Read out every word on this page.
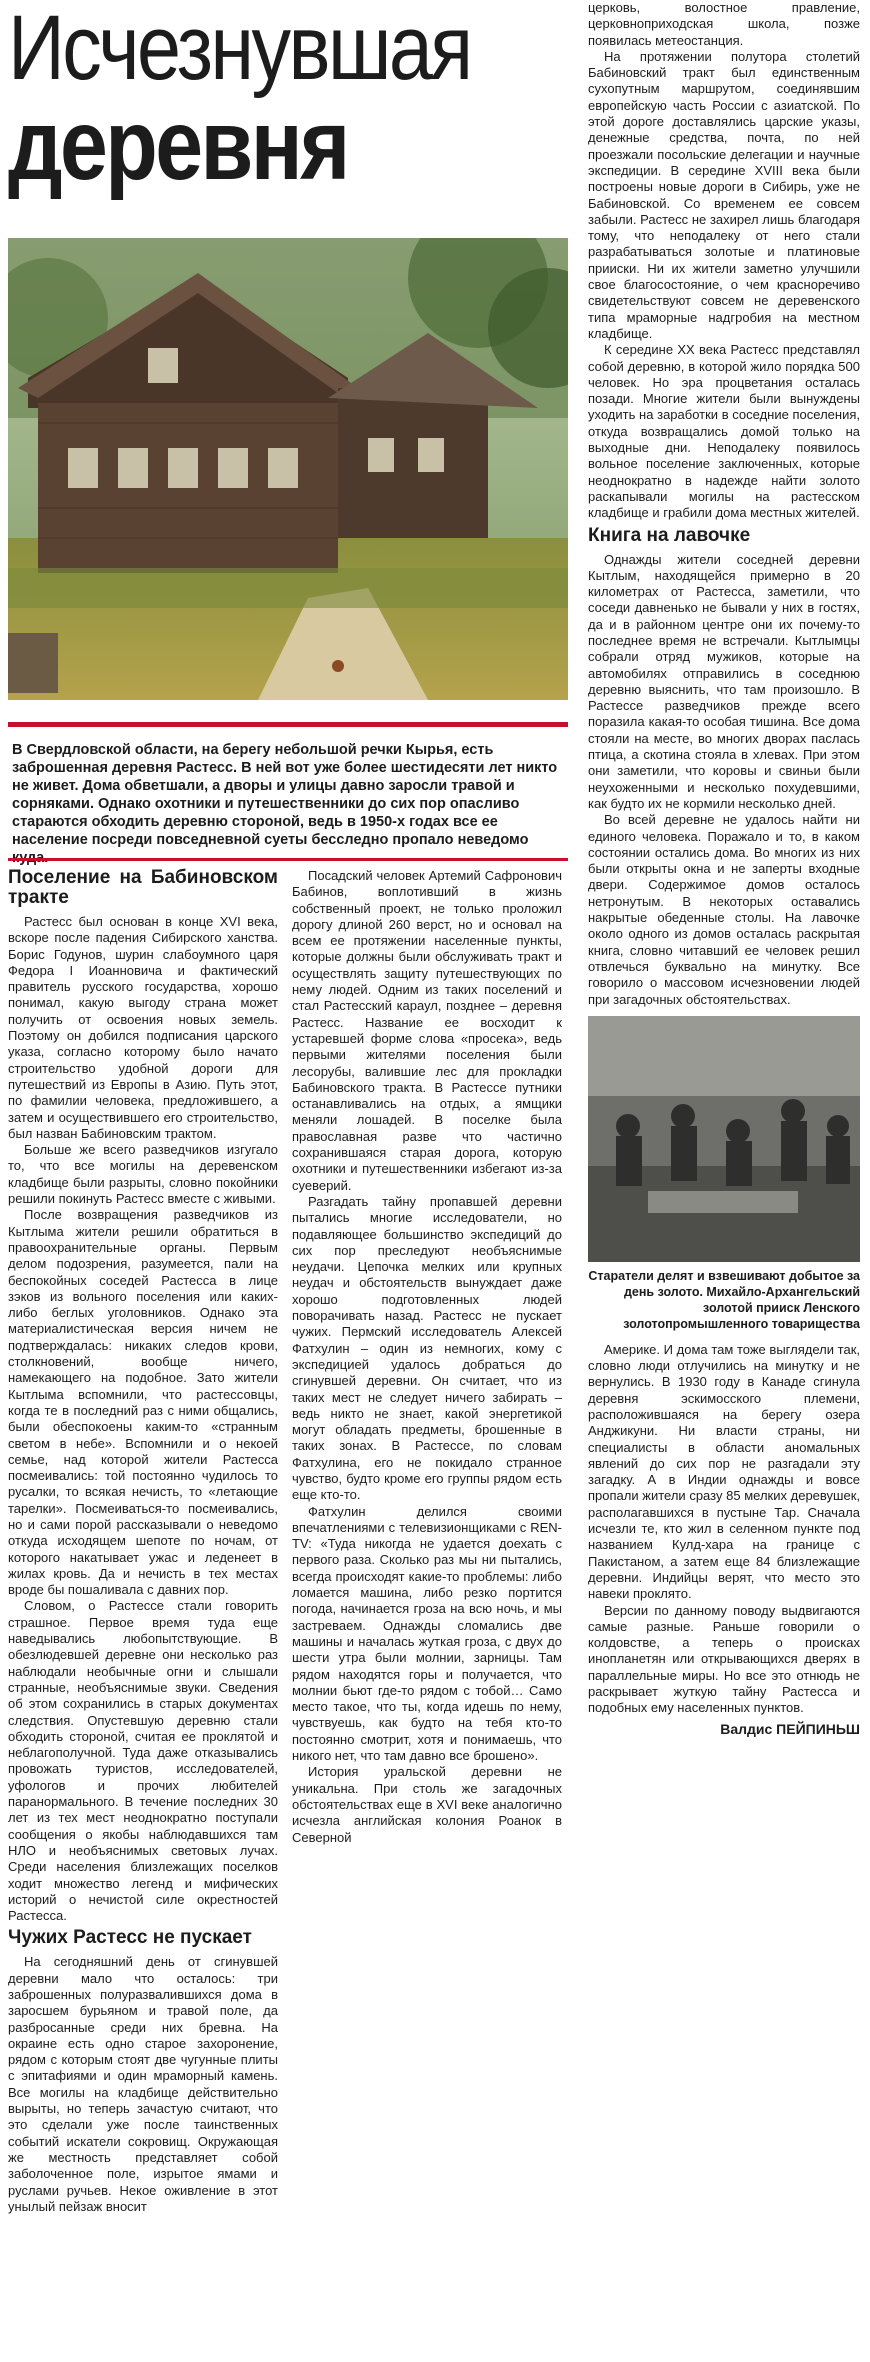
Исчезнувшая
деревня

В Свердловской области, на берегу небольшой речки Кырья, есть заброшенная деревня Растесс. В ней вот уже более шестидесяти лет никто не живет. Дома обветшали, а дворы и улицы давно заросли травой и сорняками. Однако охотники и путешественники до сих пор опасливо стараются обходить деревню стороной, ведь в 1950-х годах все ее население посреди повседневной суеты бесследно пропало неведомо куда.

Поселение на Бабиновском тракте

Растесс был основан в конце XVI века, вскоре после падения Сибирского ханства. Борис Годунов, шурин слабоумного царя Федора I Иоанновича и фактический правитель русского государства, хорошо понимал, какую выгоду страна может получить от освоения новых земель. Поэтому он добился подписания царского указа, согласно которому было начато строительство удобной дороги для путешествий из Европы в Азию. Путь этот, по фамилии человека, предложившего, а затем и осуществившего его строительство, был назван Бабиновским трактом.

Больше же всего разведчиков изгугало то, что все могилы на деревенском кладбище были разрыты, словно покойники решили покинуть Растесс вместе с живыми.

После возвращения разведчиков из Кытлыма жители решили обратиться в правоохранительные органы. Первым делом подозрения, разумеется, пали на беспокойных соседей Растесса в лице зэков из вольного поселения или каких-либо беглых уголовников. Однако эта материалистическая версия ничем не подтверждалась: никаких следов крови, столкновений, вообще ничего, намекающего на подобное. Зато жители Кытлыма вспомнили, что растессовцы, когда те в последний раз с ними общались, были обеспокоены каким-то «странным светом в небе». Вспомнили и о некоей семье, над которой жители Растесса посмеивались: той постоянно чудилось то русалки, то всякая нечисть, то «летающие тарелки». Посмеиваться-то посмеивались, но и сами порой рассказывали о неведомо откуда исходящем шепоте по ночам, от которого накатывает ужас и леденеет в жилах кровь. Да и нечисть в тех местах вроде бы пошаливала с давних пор.

Словом, о Растессе стали говорить страшное. Первое время туда еще наведывались любопытствующие. В обезлюдевшей деревне они несколько раз наблюдали необычные огни и слышали странные, необъяснимые звуки. Сведения об этом сохранились в старых документах следствия. Опустевшую деревню стали обходить стороной, считая ее проклятой и неблагополучной. Туда даже отказывались провожать туристов, исследователей, уфологов и прочих любителей паранормального. В течение последних 30 лет из тех мест неоднократно поступали сообщения о якобы наблюдавшихся там НЛО и необъяснимых световых лучах. Среди населения близлежащих поселков ходит множество легенд и мифических историй о нечистой силе окрестностей Растесса.

Чужих Растесс не пускает

На сегодняшний день от сгинувшей деревни мало что осталось: три заброшенных полуразвалившихся дома в заросшем бурьяном и травой поле, да разбросанные среди них бревна. На окраине есть одно старое захоронение, рядом с которым стоят две чугунные плиты с эпитафиями и один мраморный камень. Все могилы на кладбище действительно вырыты, но теперь зачастую считают, что это сделали уже после таинственных событий искатели сокровищ. Окружающая же местность представляет собой заболоченное поле, изрытое ямами и руслами ручьев. Некое оживление в этот унылый пейзаж вносит

Посадский человек Артемий Сафронович Бабинов, воплотивший в жизнь собственный проект, не только проложил дорогу длиной 260 верст, но и основал на всем ее протяжении населенные пункты, которые должны были обслуживать тракт и осуществлять защиту путешествующих по нему людей. Одним из таких поселений и стал Растесский караул, позднее – деревня Растесс. Название ее восходит к устаревшей форме слова «просека», ведь первыми жителями поселения были лесорубы, валившие лес для прокладки Бабиновского тракта. В Растессе путники останавливались на отдых, а ямщики меняли лошадей. В поселке была православная разве что частично сохранившаяся старая дорога, которую охотники и путешественники избегают из-за суеверий.

Разгадать тайну пропавшей деревни пытались многие исследователи, но подавляющее большинство экспедиций до сих пор преследуют необъяснимые неудачи. Цепочка мелких или крупных неудач и обстоятельств вынуждает даже хорошо подготовленных людей поворачивать назад. Растесс не пускает чужих. Пермский исследователь Алексей Фатхулин – один из немногих, кому с экспедицией удалось добраться до сгинувшей деревни. Он считает, что из таких мест не следует ничего забирать – ведь никто не знает, какой энергетикой могут обладать предметы, брошенные в таких зонах. В Растессе, по словам Фатхулина, его не покидало странное чувство, будто кроме его группы рядом есть еще кто-то.

Фатхулин делился своими впечатлениями с телевизионщиками с REN-TV: «Туда никогда не удается доехать с первого раза. Сколько раз мы ни пытались, всегда происходят какие-то проблемы: либо ломается машина, либо резко портится погода, начинается гроза на всю ночь, и мы застреваем. Однажды сломались две машины и началась жуткая гроза, с двух до шести утра были молнии, зарницы. Там рядом находятся горы и получается, что молнии бьют где-то рядом с тобой… Само место такое, что ты, когда идешь по нему, чувствуешь, как будто на тебя кто-то постоянно смотрит, хотя и понимаешь, что никого нет, что там давно все брошено».

История уральской деревни не уникальна. При столь же загадочных обстоятельствах еще в XVI веке аналогично исчезла английская колония Роанок в Северной

церковь, волостное правление, церковноприходская школа, позже появилась метеостанция.

На протяжении полутора столетий Бабиновский тракт был единственным сухопутным маршрутом, соединявшим европейскую часть России с азиатской. По этой дороге доставлялись царские указы, денежные средства, почта, по ней проезжали посольские делегации и научные экспедиции. В середине XVIII века были построены новые дороги в Сибирь, уже не Бабиновской. Со временем ее совсем забыли. Растесс не захирел лишь благодаря тому, что неподалеку от него стали разрабатываться золотые и платиновые прииски. Ни их жители заметно улучшили свое благосостояние, о чем красноречиво свидетельствуют совсем не деревенского типа мраморные надгробия на местном кладбище.

К середине XX века Растесс представлял собой деревню, в которой жило порядка 500 человек. Но эра процветания осталась позади. Многие жители были вынуждены уходить на заработки в соседние поселения, откуда возвращались домой только на выходные дни. Неподалеку появилось вольное поселение заключенных, которые неоднократно в надежде найти золото раскапывали могилы на растесском кладбище и грабили дома местных жителей.

Книга на лавочке

Однажды жители соседней деревни Кытлым, находящейся примерно в 20 километрах от Растесса, заметили, что соседи давненько не бывали у них в гостях, да и в районном центре они их почему-то последнее время не встречали. Кытлымцы собрали отряд мужиков, которые на автомобилях отправились в соседнюю деревню выяснить, что там произошло. В Растессе разведчиков прежде всего поразила какая-то особая тишина. Все дома стояли на месте, во многих дворах паслась птица, а скотина стояла в хлевах. При этом они заметили, что коровы и свиньи были неухоженными и несколько похудевшими, как будто их не кормили несколько дней.

Во всей деревне не удалось найти ни единого человека. Поражало и то, в каком состоянии остались дома. Во многих из них были открыты окна и не заперты входные двери. Содержимое домов осталось нетронутым. В некоторых оставались накрытые обеденные столы. На лавочке около одного из домов осталась раскрытая книга, словно читавший ее человек решил отвлечься буквально на минутку. Все говорило о массовом исчезновении людей при загадочных обстоятельствах.

Старатели делят и взвешивают добытое за день золото. Михайло-Архангельский золотой прииск Ленского золотопромышленного товарищества

Америке. И дома там тоже выглядели так, словно люди отлучились на минутку и не вернулись. В 1930 году в Канаде сгинула деревня эскимосского племени, расположившаяся на берегу озера Анджикуни. Ни власти страны, ни специалисты в области аномальных явлений до сих пор не разгадали эту загадку. А в Индии однажды и вовсе пропали жители сразу 85 мелких деревушек, располагавшихся в пустыне Тар. Сначала исчезли те, кто жил в селенном пункте под названием Кулд-хара на границе с Пакистаном, а затем еще 84 близлежащие деревни. Индийцы верят, что место это навеки проклято.

Версии по данному поводу выдвигаются самые разные. Раньше говорили о колдовстве, а теперь о происках инопланетян или открывающихся дверях в параллельные миры. Но все это отнюдь не раскрывает жуткую тайну Растесса и подобных ему населенных пунктов.

Валдис ПЕЙПИНЬШ
